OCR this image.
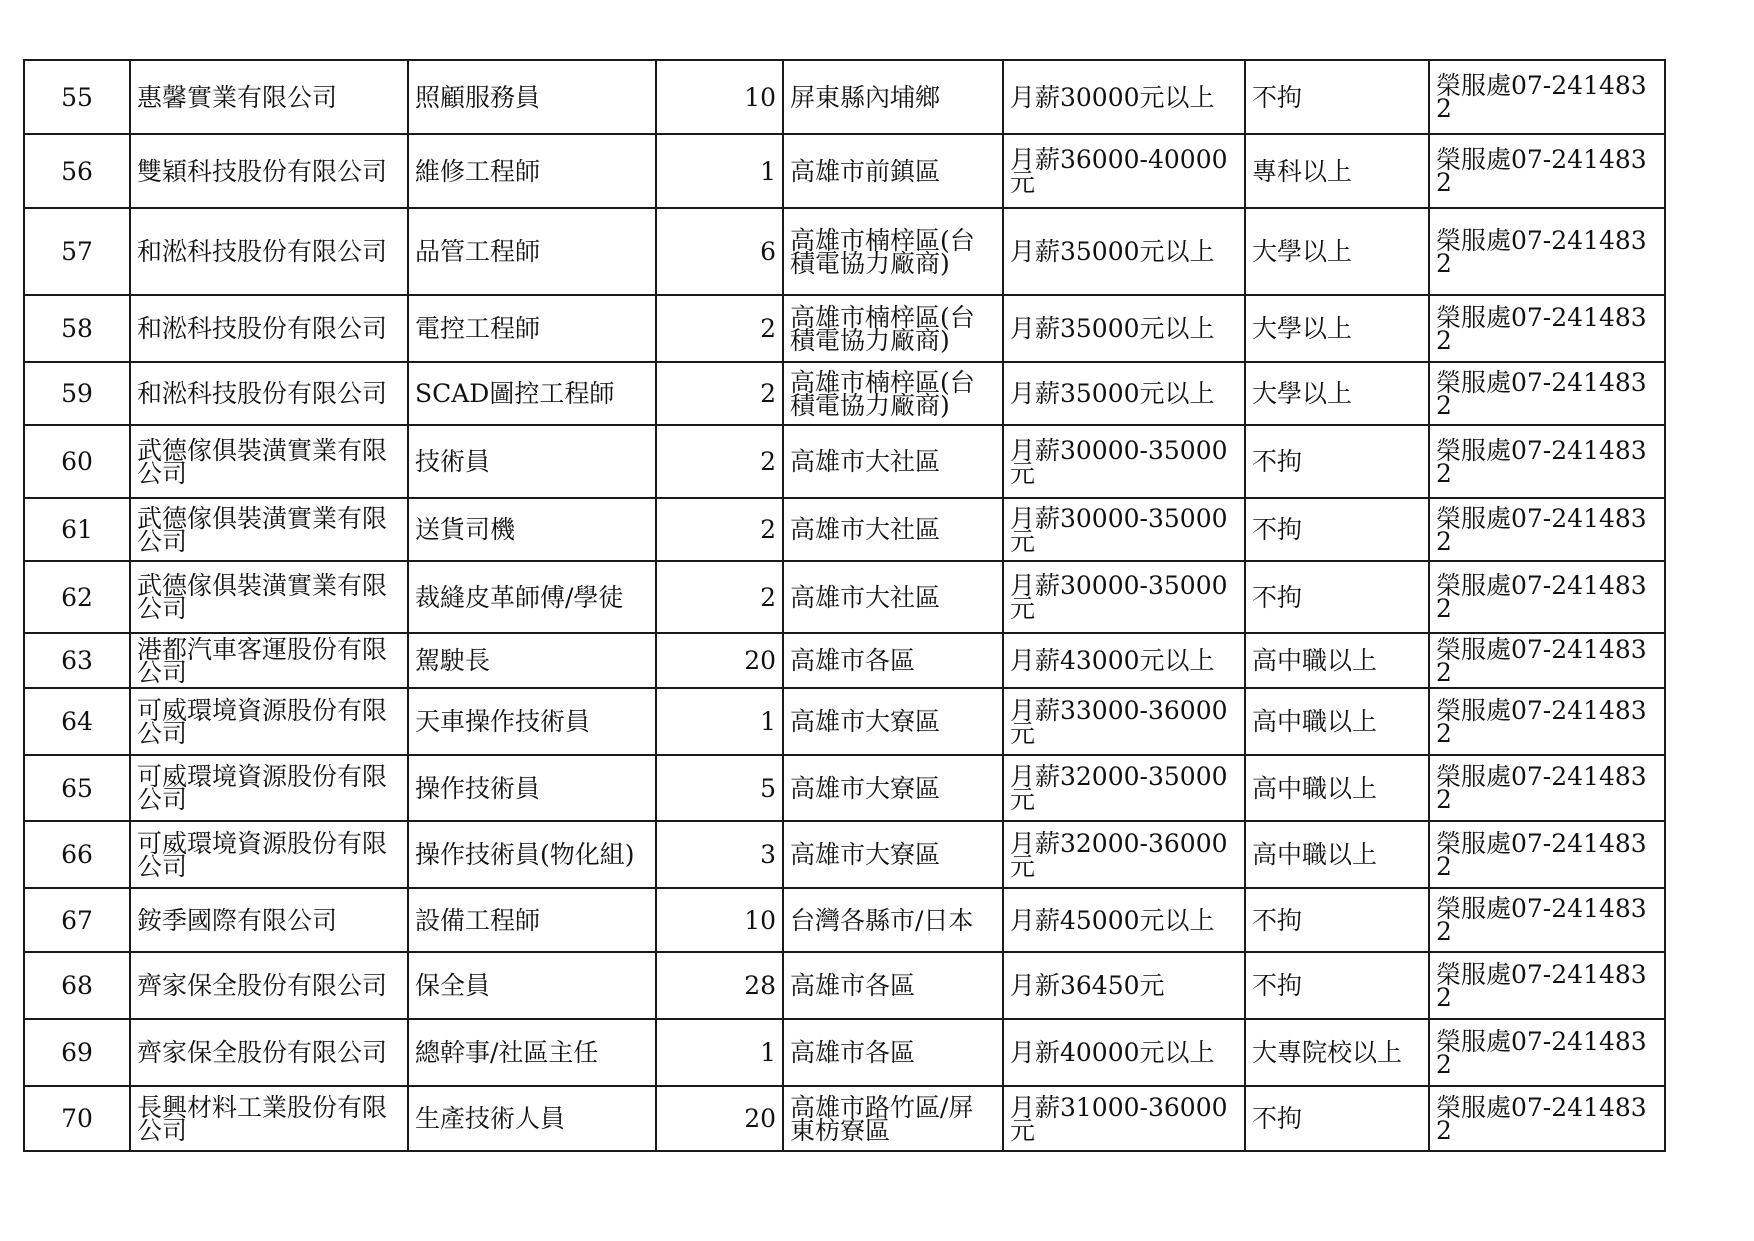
55	惠馨實業有限公司	照顧服務員	10	屏東縣內埔鄉	月薪30000元以上	不拘	榮服處07-2414832
56	雙穎科技股份有限公司	維修工程師	1	高雄市前鎮區	月薪36000-40000元	專科以上	榮服處07-2414832
57	和淞科技股份有限公司	品管工程師	6	高雄市楠梓區(台積電協力廠商)	月薪35000元以上	大學以上	榮服處07-2414832
58	和淞科技股份有限公司	電控工程師	2	高雄市楠梓區(台積電協力廠商)	月薪35000元以上	大學以上	榮服處07-2414832
59	和淞科技股份有限公司	SCAD圖控工程師	2	高雄市楠梓區(台積電協力廠商)	月薪35000元以上	大學以上	榮服處07-2414832
60	武德傢俱裝潢實業有限公司	技術員	2	高雄市大社區	月薪30000-35000元	不拘	榮服處07-2414832
61	武德傢俱裝潢實業有限公司	送貨司機	2	高雄市大社區	月薪30000-35000元	不拘	榮服處07-2414832
62	武德傢俱裝潢實業有限公司	裁縫皮革師傅/學徒	2	高雄市大社區	月薪30000-35000元	不拘	榮服處07-2414832
63	港都汽車客運股份有限公司	駕駛長	20	高雄市各區	月薪43000元以上	高中職以上	榮服處07-2414832
64	可威環境資源股份有限公司	天車操作技術員	1	高雄市大寮區	月薪33000-36000元	高中職以上	榮服處07-2414832
65	可威環境資源股份有限公司	操作技術員	5	高雄市大寮區	月薪32000-35000元	高中職以上	榮服處07-2414832
66	可威環境資源股份有限公司	操作技術員(物化組)	3	高雄市大寮區	月薪32000-36000元	高中職以上	榮服處07-2414832
67	銨季國際有限公司	設備工程師	10	台灣各縣市/日本	月薪45000元以上	不拘	榮服處07-2414832
68	齊家保全股份有限公司	保全員	28	高雄市各區	月新36450元	不拘	榮服處07-2414832
69	齊家保全股份有限公司	總幹事/社區主任	1	高雄市各區	月新40000元以上	大專院校以上	榮服處07-2414832
70	長興材料工業股份有限公司	生產技術人員	20	高雄市路竹區/屏東枋寮區	月薪31000-36000元	不拘	榮服處07-2414832
